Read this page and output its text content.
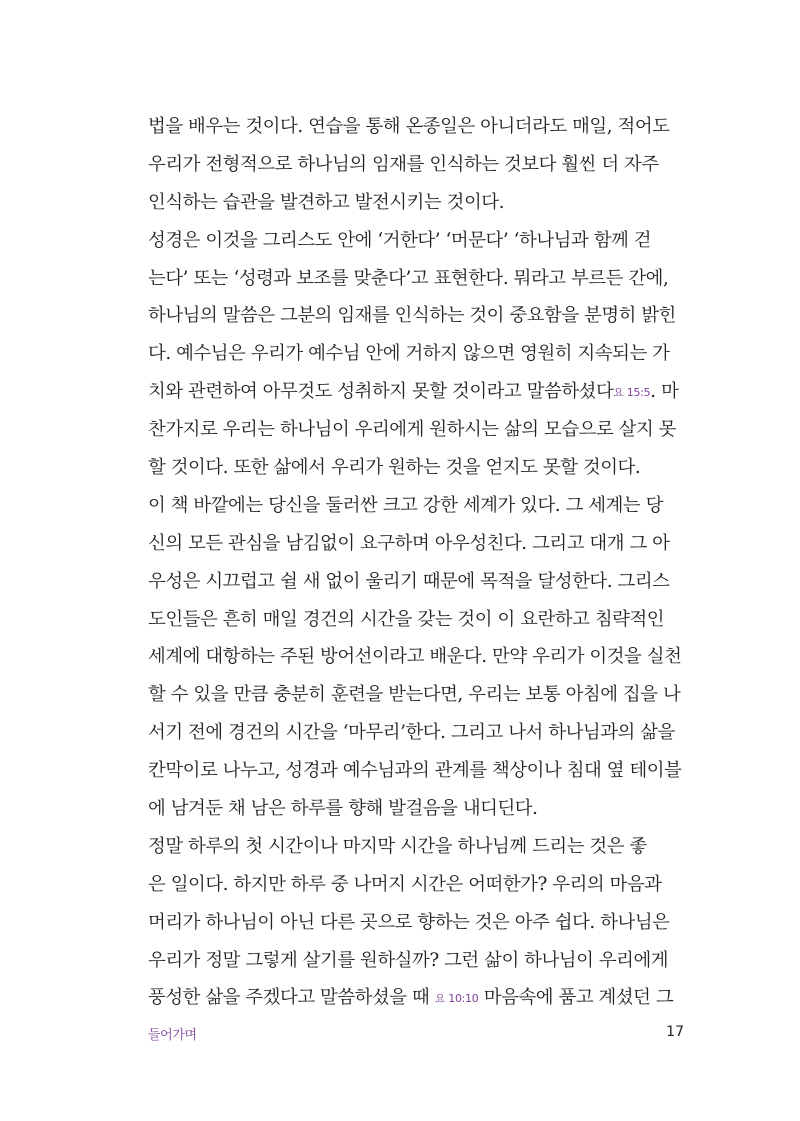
법을 배우는 것이다. 연습을 통해 온종일은 아니더라도 매일, 적어도
우리가 전형적으로 하나님의 임재를 인식하는 것보다 훨씬 더 자주
인식하는 습관을 발견하고 발전시키는 것이다.
성경은 이것을 그리스도 안에 ‘거한다’ ‘머문다’ ‘하나님과 함께 걷
는다’ 또는 ‘성령과 보조를 맞춘다’고 표현한다. 뭐라고 부르든 간에,
하나님의 말씀은 그분의 임재를 인식하는 것이 중요함을 분명히 밝힌
다. 예수님은 우리가 예수님 안에 거하지 않으면 영원히 지속되는 가
치와 관련하여 아무것도 성취하지 못할 것이라고 말씀하셨다요 15:5. 마
찬가지로 우리는 하나님이 우리에게 원하시는 삶의 모습으로 살지 못
할 것이다. 또한 삶에서 우리가 원하는 것을 얻지도 못할 것이다.
이 책 바깥에는 당신을 둘러싼 크고 강한 세계가 있다. 그 세계는 당
신의 모든 관심을 남김없이 요구하며 아우성친다. 그리고 대개 그 아
우성은 시끄럽고 쉴 새 없이 울리기 때문에 목적을 달성한다. 그리스
도인들은 흔히 매일 경건의 시간을 갖는 것이 이 요란하고 침략적인
세계에 대항하는 주된 방어선이라고 배운다. 만약 우리가 이것을 실천
할 수 있을 만큼 충분히 훈련을 받는다면, 우리는 보통 아침에 집을 나
서기 전에 경건의 시간을 ‘마무리’한다. 그리고 나서 하나님과의 삶을
칸막이로 나누고, 성경과 예수님과의 관계를 책상이나 침대 옆 테이블
에 남겨둔 채 남은 하루를 향해 발걸음을 내디딘다.
정말 하루의 첫 시간이나 마지막 시간을 하나님께 드리는 것은 좋
은 일이다. 하지만 하루 중 나머지 시간은 어떠한가? 우리의 마음과
머리가 하나님이 아닌 다른 곳으로 향하는 것은 아주 쉽다. 하나님은
우리가 정말 그렇게 살기를 원하실까? 그런 삶이 하나님이 우리에게
풍성한 삶을 주겠다고 말씀하셨을 때 요 10:10 마음속에 품고 계셨던 그
들어가며	17
